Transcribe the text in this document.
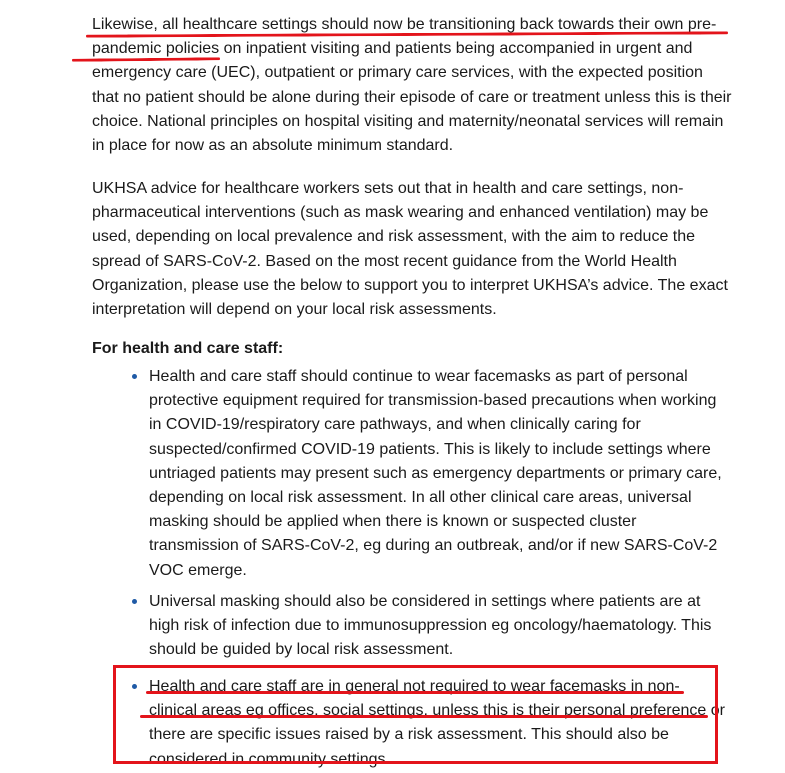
Likewise, all healthcare settings should now be transitioning back towards their own pre-pandemic policies on inpatient visiting and patients being accompanied in urgent and emergency care (UEC), outpatient or primary care services, with the expected position that no patient should be alone during their episode of care or treatment unless this is their choice. National principles on hospital visiting and maternity/neonatal services will remain in place for now as an absolute minimum standard.

UKHSA advice for healthcare workers sets out that in health and care settings, non-pharmaceutical interventions (such as mask wearing and enhanced ventilation) may be used, depending on local prevalence and risk assessment, with the aim to reduce the spread of SARS-CoV-2. Based on the most recent guidance from the World Health Organization, please use the below to support you to interpret UKHSA’s advice. The exact interpretation will depend on your local risk assessments.

For health and care staff:

Health and care staff should continue to wear facemasks as part of personal protective equipment required for transmission-based precautions when working in COVID-19/respiratory care pathways, and when clinically caring for suspected/confirmed COVID-19 patients. This is likely to include settings where untriaged patients may present such as emergency departments or primary care, depending on local risk assessment. In all other clinical care areas, universal masking should be applied when there is known or suspected cluster transmission of SARS-CoV-2, eg during an outbreak, and/or if new SARS-CoV-2 VOC emerge.
Universal masking should also be considered in settings where patients are at high risk of infection due to immunosuppression eg oncology/haematology. This should be guided by local risk assessment.
Health and care staff are in general not required to wear facemasks in non-clinical areas eg offices, social settings, unless this is their personal preference or there are specific issues raised by a risk assessment. This should also be considered in community settings.
